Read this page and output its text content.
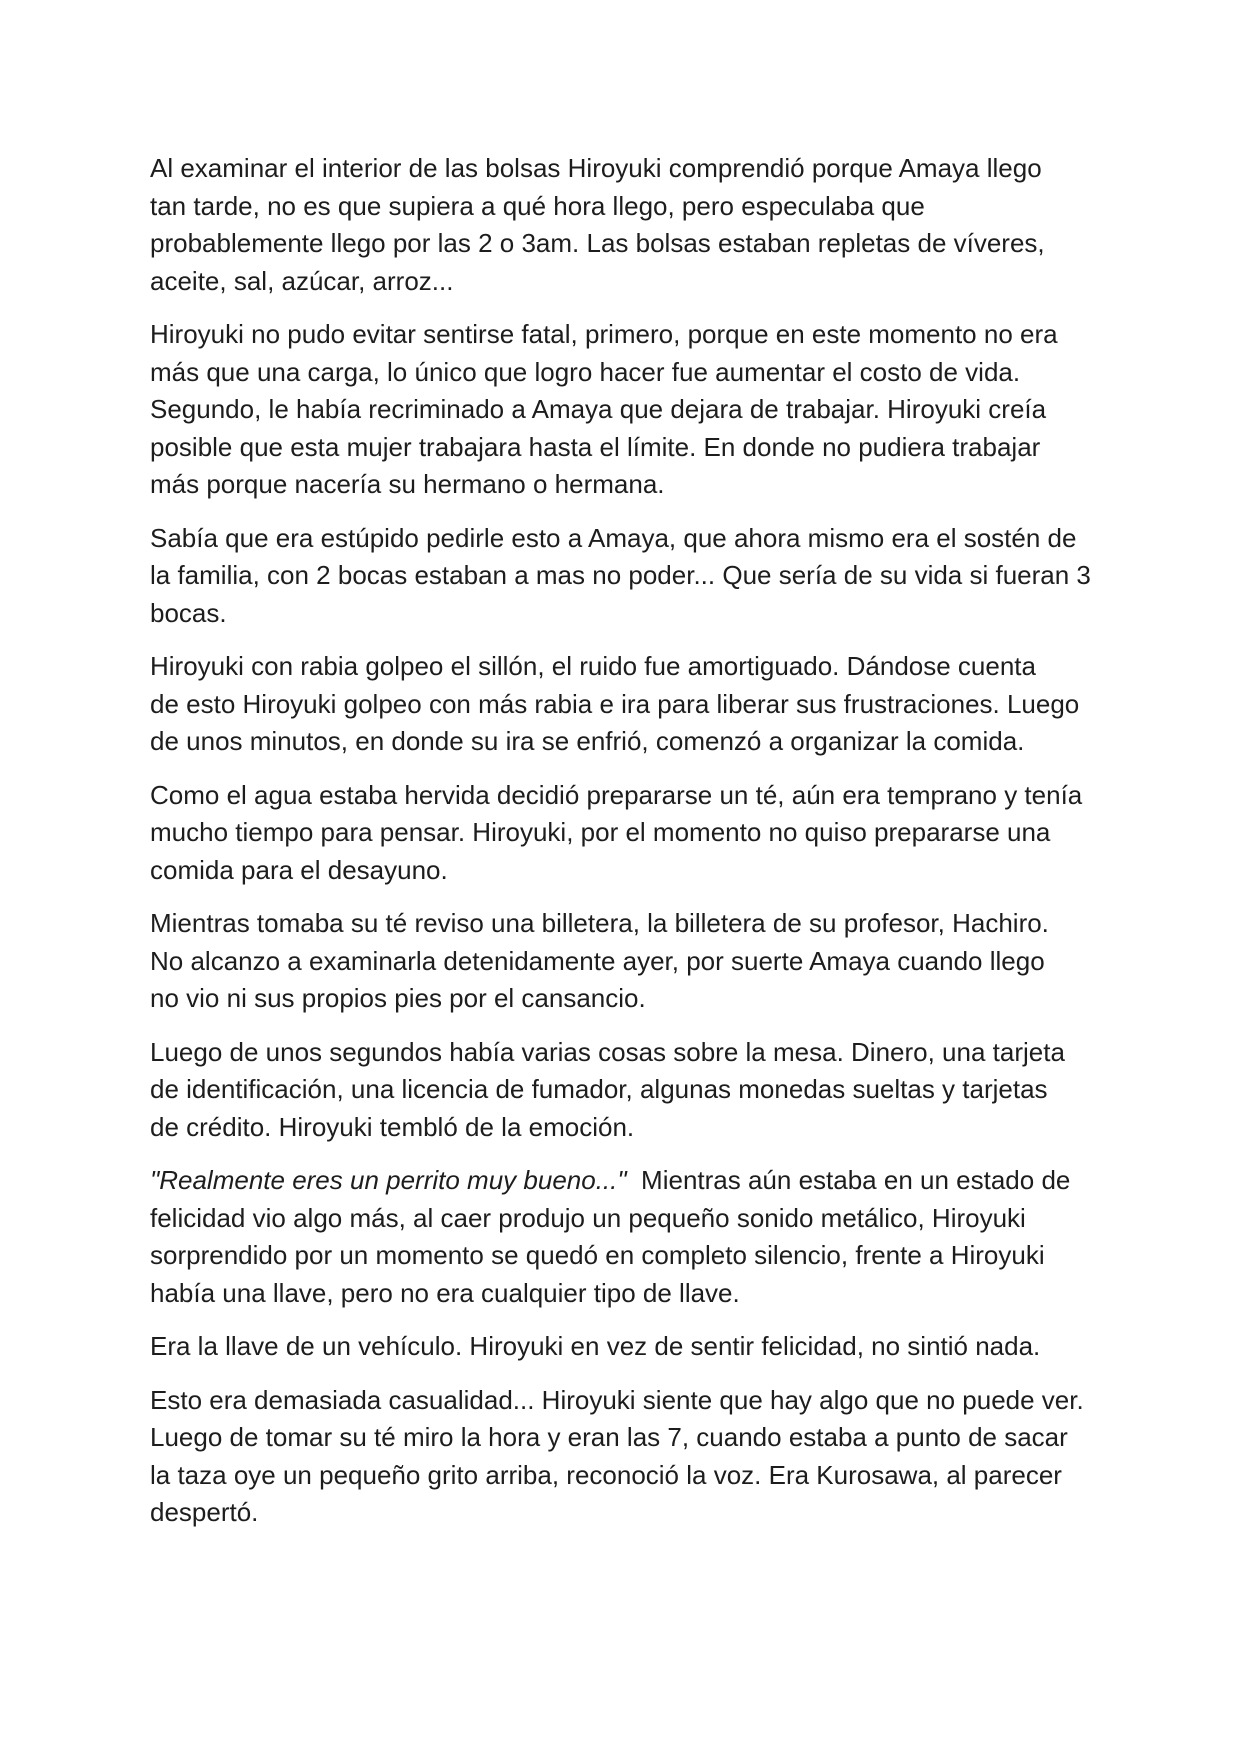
Al examinar el interior de las bolsas Hiroyuki comprendió porque Amaya llego
tan tarde, no es que supiera a qué hora llego, pero especulaba que
probablemente llego por las 2 o 3am. Las bolsas estaban repletas de víveres,
aceite, sal, azúcar, arroz...

Hiroyuki no pudo evitar sentirse fatal, primero, porque en este momento no era
más que una carga, lo único que logro hacer fue aumentar el costo de vida.
Segundo, le había recriminado a Amaya que dejara de trabajar. Hiroyuki creía
posible que esta mujer trabajara hasta el límite. En donde no pudiera trabajar
más porque nacería su hermano o hermana.

Sabía que era estúpido pedirle esto a Amaya, que ahora mismo era el sostén de
la familia, con 2 bocas estaban a mas no poder... Que sería de su vida si fueran 3
bocas.

Hiroyuki con rabia golpeo el sillón, el ruido fue amortiguado. Dándose cuenta
de esto Hiroyuki golpeo con más rabia e ira para liberar sus frustraciones. Luego
de unos minutos, en donde su ira se enfrió, comenzó a organizar la comida.

Como el agua estaba hervida decidió prepararse un té, aún era temprano y tenía
mucho tiempo para pensar. Hiroyuki, por el momento no quiso prepararse una
comida para el desayuno.

Mientras tomaba su té reviso una billetera, la billetera de su profesor, Hachiro.
No alcanzo a examinarla detenidamente ayer, por suerte Amaya cuando llego
no vio ni sus propios pies por el cansancio.

Luego de unos segundos había varias cosas sobre la mesa. Dinero, una tarjeta
de identificación, una licencia de fumador, algunas monedas sueltas y tarjetas
de crédito. Hiroyuki tembló de la emoción.

"Realmente eres un perrito muy bueno..."  Mientras aún estaba en un estado de
felicidad vio algo más, al caer produjo un pequeño sonido metálico, Hiroyuki
sorprendido por un momento se quedó en completo silencio, frente a Hiroyuki
había una llave, pero no era cualquier tipo de llave.

Era la llave de un vehículo. Hiroyuki en vez de sentir felicidad, no sintió nada.

Esto era demasiada casualidad... Hiroyuki siente que hay algo que no puede ver.
Luego de tomar su té miro la hora y eran las 7, cuando estaba a punto de sacar
la taza oye un pequeño grito arriba, reconoció la voz. Era Kurosawa, al parecer
despertó.
